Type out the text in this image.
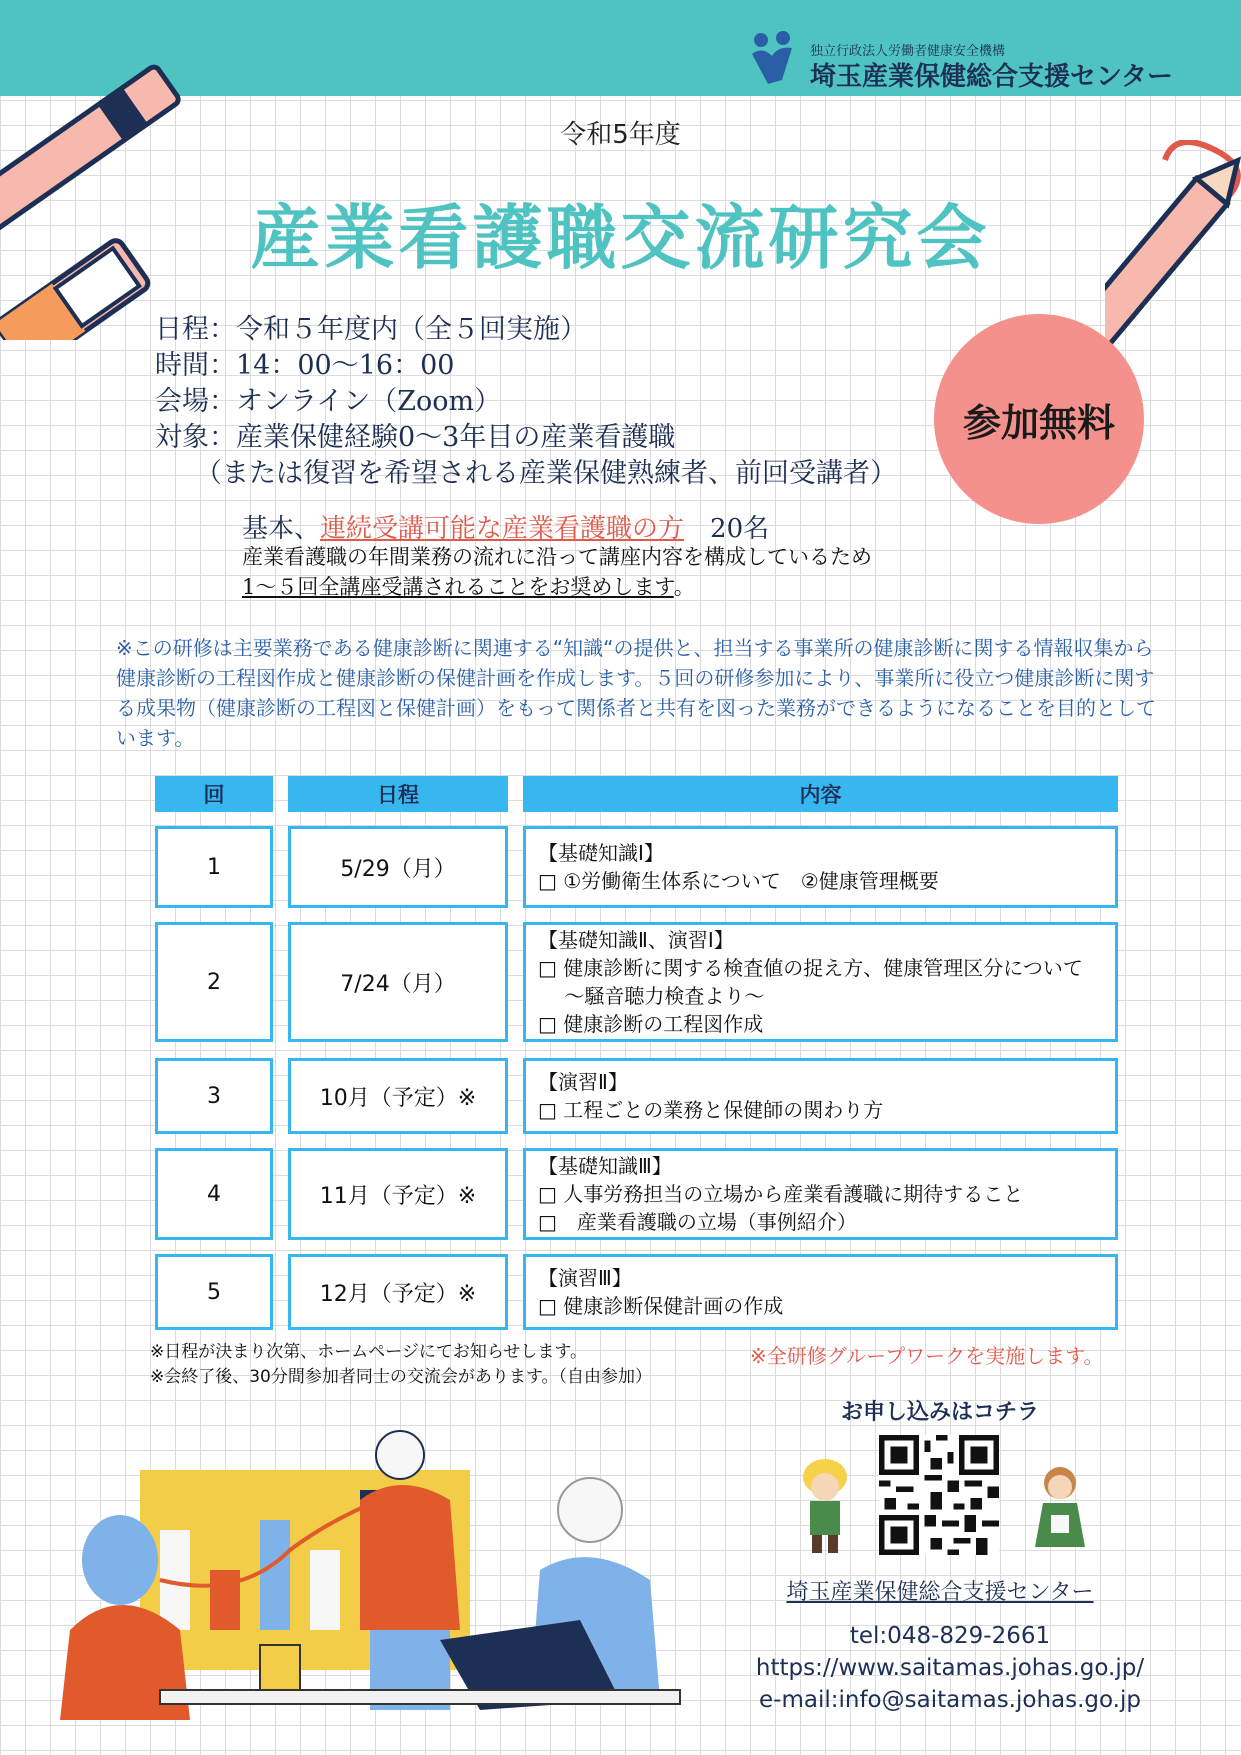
独立行政法人労働者健康安全機構
埼玉産業保健総合支援センター
令和5年度
産業看護職交流研究会
日程：令和５年度内（全５回実施）
時間：14：00〜16：00
会場：オンライン（Zoom）
対象：産業保健経験0〜3年目の産業看護職
（または復習を希望される産業保健熟練者、前回受講者）
参加無料
基本、連続受講可能な産業看護職の方　 20名
産業看護職の年間業務の流れに沿って講座内容を構成しているため
1〜５回全講座受講されることをお奨めします。
※この研修は主要業務である健康診断に関連する“知識“の提供と、担当する事業所の健康診断に関する情報収集から健康診断の工程図作成と健康診断の保健計画を作成します。５回の研修参加により、事業所に役立つ健康診断に関する成果物（健康診断の工程図と保健計画）をもって関係者と共有を図った業務ができるようになることを目的としています。
回	日程	内容
1	5/29（月）
【基礎知識Ⅰ】
□ ①労働衛生体系について　②健康管理概要
2	7/24（月）
【基礎知識Ⅱ、演習Ⅰ】
□ 健康診断に関する検査値の捉え方、健康管理区分について
　 〜騒音聴力検査より〜
□ 健康診断の工程図作成
3	10月（予定）※
【演習Ⅱ】
□ 工程ごとの業務と保健師の関わり方
4	11月（予定）※
【基礎知識Ⅲ】
□ 人事労務担当の立場から産業看護職に期待すること
□　産業看護職の立場（事例紹介）
5	12月（予定）※
【演習Ⅲ】
□ 健康診断保健計画の作成
※日程が決まり次第、ホームページにてお知らせします。
※会終了後、30分間参加者同士の交流会があります。（自由参加）
※全研修グループワークを実施します。
お申し込みはコチラ
埼玉産業保健総合支援センター
tel:048-829-2661
https://www.saitamas.johas.go.jp/
e-mail:info@saitamas.johas.go.jp
